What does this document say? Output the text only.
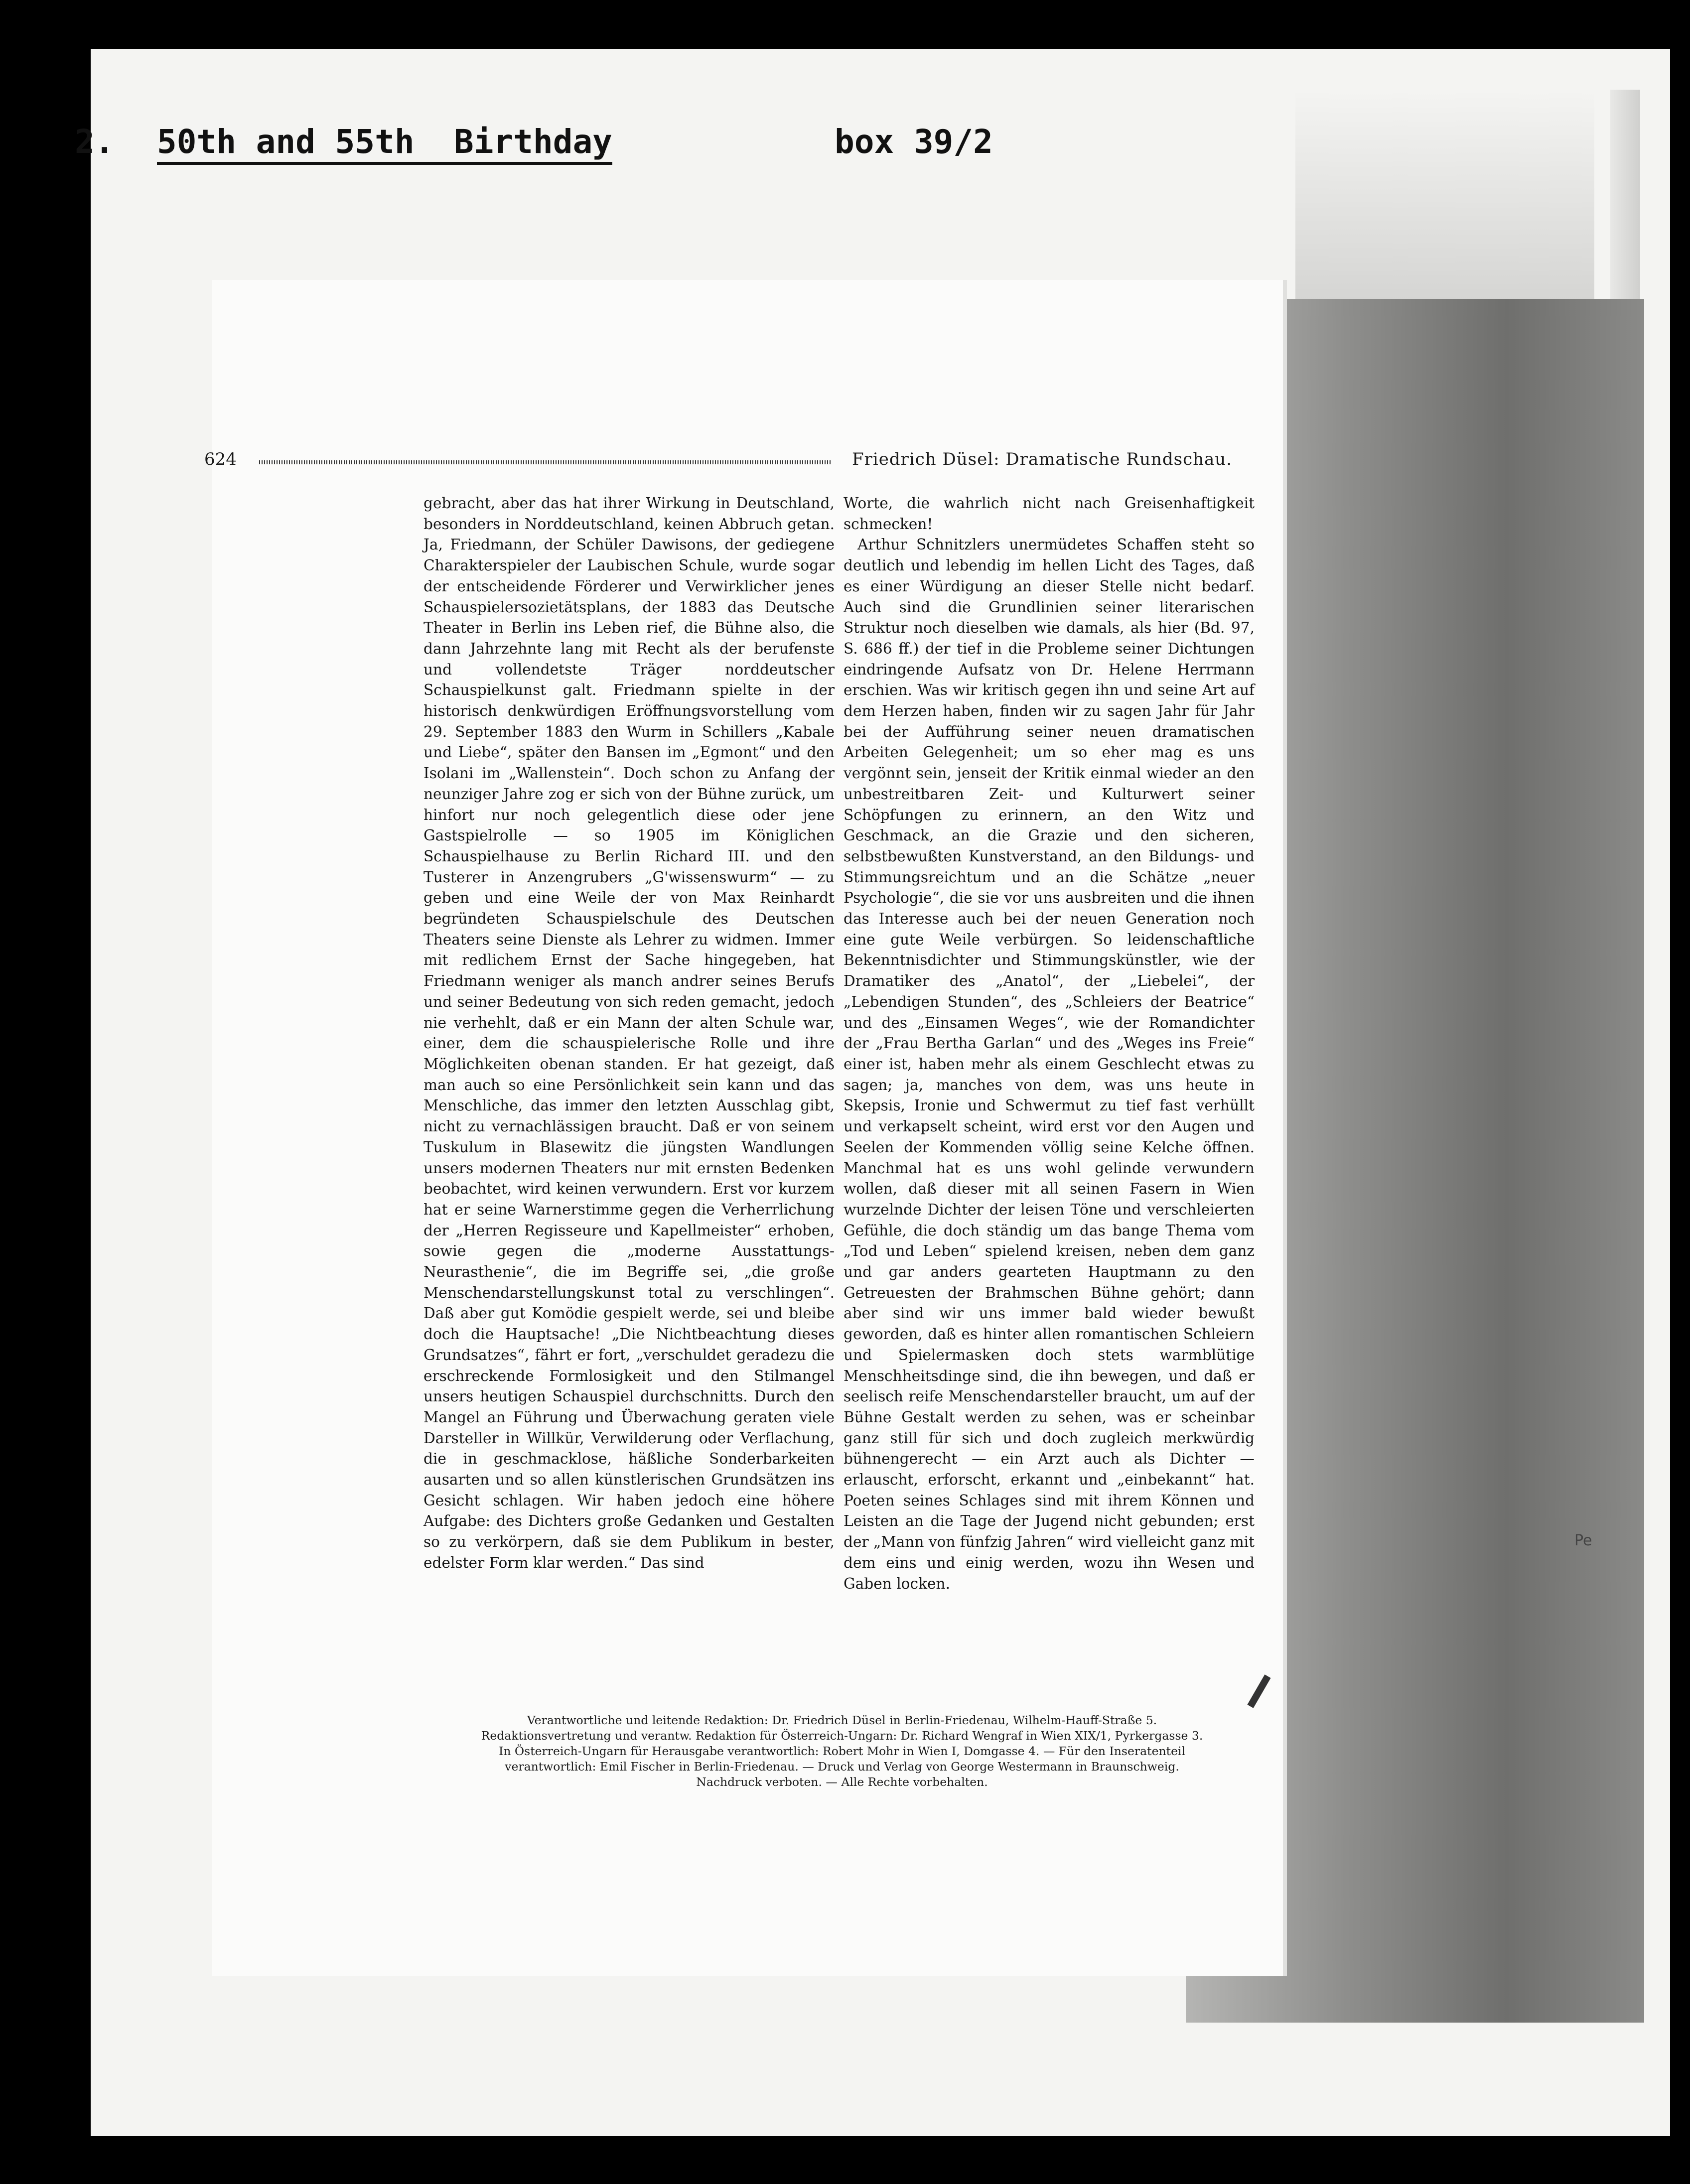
2.

50th and 55th  Birthday

	box 39/2

624	Friedrich Düsel: Dramatische Rundschau.

gebracht, aber das hat ihrer Wirkung in Deutschland, besonders in Norddeutschland, keinen Abbruch getan. Ja, Friedmann, der Schüler Dawisons, der gediegene Charakterspieler der Laubischen Schule, wurde sogar der entscheidende Förderer und Verwirklicher jenes Schauspielersozietätsplans, der 1883 das Deutsche Theater in Berlin ins Leben rief, die Bühne also, die dann Jahrzehnte lang mit Recht als der berufenste und vollendetste Träger norddeutscher Schauspielkunst galt. Friedmann spielte in der historisch denkwürdigen Eröffnungsvorstellung vom 29. September 1883 den Wurm in Schillers „Kabale und Liebe“, später den Bansen im „Egmont“ und den Isolani im „Wallenstein“. Doch schon zu Anfang der neunziger Jahre zog er sich von der Bühne zurück, um hinfort nur noch gelegentlich diese oder jene Gastspielrolle — so 1905 im Königlichen Schauspielhause zu Berlin Richard III. und den Tusterer in Anzengrubers „G'wissenswurm“ — zu geben und eine Weile der von Max Reinhardt begründeten Schauspielschule des Deutschen Theaters seine Dienste als Lehrer zu widmen. Immer mit redlichem Ernst der Sache hingegeben, hat Friedmann weniger als manch andrer seines Berufs und seiner Bedeutung von sich reden gemacht, jedoch nie verhehlt, daß er ein Mann der alten Schule war, einer, dem die schauspielerische Rolle und ihre Möglichkeiten obenan standen. Er hat gezeigt, daß man auch so eine Persönlichkeit sein kann und das Menschliche, das immer den letzten Ausschlag gibt, nicht zu vernachlässigen braucht. Daß er von seinem Tuskulum in Blasewitz die jüngsten Wandlungen unsers modernen Theaters nur mit ernsten Bedenken beobachtet, wird keinen verwundern. Erst vor kurzem hat er seine Warnerstimme gegen die Verherrlichung der „Herren Regisseure und Kapellmeister“ erhoben, sowie gegen die „moderne Ausstattungs-Neurasthenie“, die im Begriffe sei, „die große Menschendarstellungskunst total zu verschlingen“. Daß aber gut Komödie gespielt werde, sei und bleibe doch die Hauptsache! „Die Nichtbeachtung dieses Grundsatzes“, fährt er fort, „verschuldet geradezu die erschreckende Formlosigkeit und den Stilmangel unsers heutigen Schauspiel durchschnitts. Durch den Mangel an Führung und Überwachung geraten viele Darsteller in Willkür, Verwilderung oder Verflachung, die in geschmacklose, häßliche Sonderbarkeiten ausarten und so allen künstlerischen Grundsätzen ins Gesicht schlagen. Wir haben jedoch eine höhere Aufgabe: des Dichters große Gedanken und Gestalten so zu verkörpern, daß sie dem Publikum in bester, edelster Form klar werden.“ Das sind

Worte, die wahrlich nicht nach Greisenhaftigkeit schmecken!

Arthur Schnitzlers unermüdetes Schaffen steht so deutlich und lebendig im hellen Licht des Tages, daß es einer Würdigung an dieser Stelle nicht bedarf. Auch sind die Grundlinien seiner literarischen Struktur noch dieselben wie damals, als hier (Bd. 97, S. 686 ff.) der tief in die Probleme seiner Dichtungen eindringende Aufsatz von Dr. Helene Herrmann erschien. Was wir kritisch gegen ihn und seine Art auf dem Herzen haben, finden wir zu sagen Jahr für Jahr bei der Aufführung seiner neuen dramatischen Arbeiten Gelegenheit; um so eher mag es uns vergönnt sein, jenseit der Kritik einmal wieder an den unbestreitbaren Zeit- und Kulturwert seiner Schöpfungen zu erinnern, an den Witz und Geschmack, an die Grazie und den sicheren, selbstbewußten Kunstverstand, an den Bildungs- und Stimmungsreichtum und an die Schätze „neuer Psychologie“, die sie vor uns ausbreiten und die ihnen das Interesse auch bei der neuen Generation noch eine gute Weile verbürgen. So leidenschaftliche Bekenntnisdichter und Stimmungskünstler, wie der Dramatiker des „Anatol“, der „Liebelei“, der „Lebendigen Stunden“, des „Schleiers der Beatrice“ und des „Einsamen Weges“, wie der Romandichter der „Frau Bertha Garlan“ und des „Weges ins Freie“ einer ist, haben mehr als einem Geschlecht etwas zu sagen; ja, manches von dem, was uns heute in Skepsis, Ironie und Schwermut zu tief fast verhüllt und verkapselt scheint, wird erst vor den Augen und Seelen der Kommenden völlig seine Kelche öffnen. Manchmal hat es uns wohl gelinde verwundern wollen, daß dieser mit all seinen Fasern in Wien wurzelnde Dichter der leisen Töne und verschleierten Gefühle, die doch ständig um das bange Thema vom „Tod und Leben“ spielend kreisen, neben dem ganz und gar anders gearteten Hauptmann zu den Getreuesten der Brahmschen Bühne gehört; dann aber sind wir uns immer bald wieder bewußt geworden, daß es hinter allen romantischen Schleiern und Spielermasken doch stets warmblütige Menschheitsdinge sind, die ihn bewegen, und daß er seelisch reife Menschendarsteller braucht, um auf der Bühne Gestalt werden zu sehen, was er scheinbar ganz still für sich und doch zugleich merkwürdig bühnengerecht — ein Arzt auch als Dichter — erlauscht, erforscht, erkannt und „einbekannt“ hat. Poeten seines Schlages sind mit ihrem Können und Leisten an die Tage der Jugend nicht gebunden; erst der „Mann von fünfzig Jahren“ wird vielleicht ganz mit dem eins und einig werden, wozu ihn Wesen und Gaben locken.

Verantwortliche und leitende Redaktion: Dr. Friedrich Düsel in Berlin-Friedenau, Wilhelm-Hauff-Straße 5.
Redaktionsvertretung und verantw. Redaktion für Österreich-Ungarn: Dr. Richard Wengraf in Wien XIX/1, Pyrkergasse 3.
In Österreich-Ungarn für Herausgabe verantwortlich: Robert Mohr in Wien I, Domgasse 4. — Für den Inseratenteil
verantwortlich: Emil Fischer in Berlin-Friedenau. — Druck und Verlag von George Westermann in Braunschweig.
Nachdruck verboten. — Alle Rechte vorbehalten.
Pe
